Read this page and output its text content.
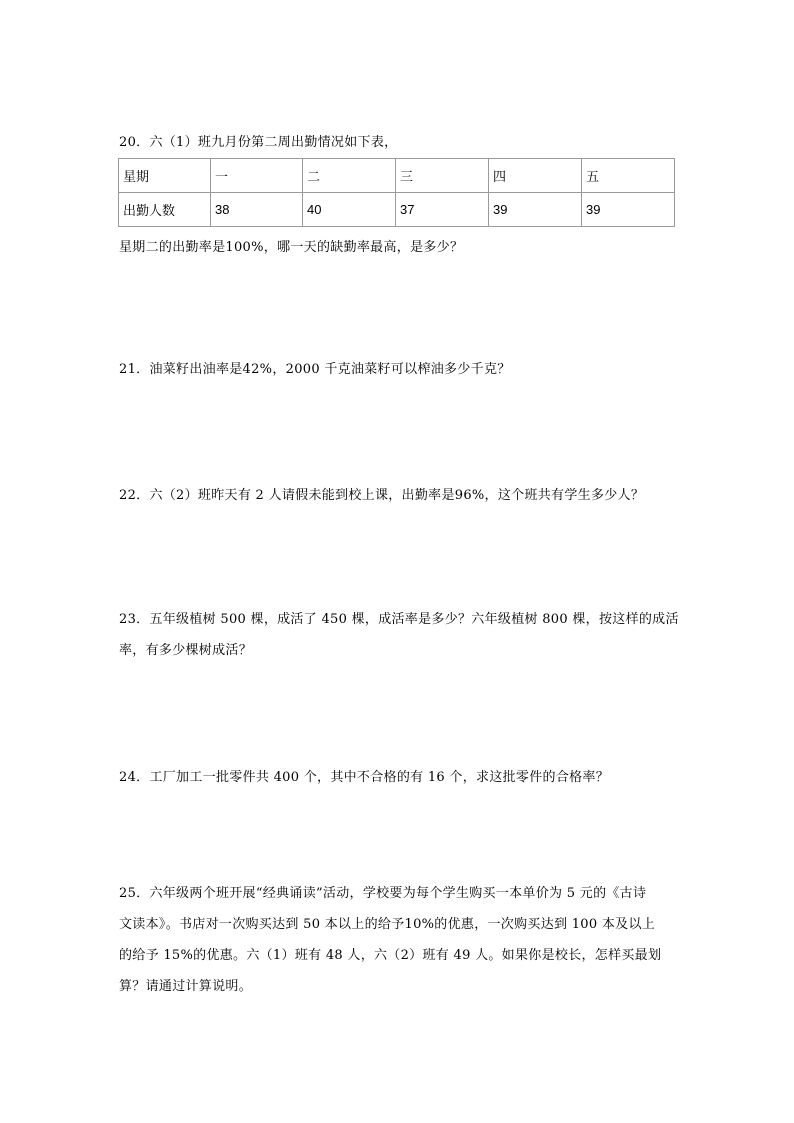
20．六（1）班九月份第二周出勤情况如下表，

星期	一	二	三	四	五
出勤人数	38	40	37	39	39

星期二的出勤率是100%，哪一天的缺勤率最高，是多少？

21．油菜籽出油率是42%，2000 千克油菜籽可以榨油多少千克？

22．六（2）班昨天有 2 人请假未能到校上课，出勤率是96%，这个班共有学生多少人？

23．五年级植树 500 棵，成活了 450 棵，成活率是多少？六年级植树 800 棵，按这样的成活

率，有多少棵树成活？

24．工厂加工一批零件共 400 个，其中不合格的有 16 个，求这批零件的合格率？

25．六年级两个班开展“经典诵读”活动，学校要为每个学生购买一本单价为 5 元的《古诗

文读本》。书店对一次购买达到 50 本以上的给予10%的优惠，一次购买达到 100 本及以上

的给予 15%的优惠。六（1）班有 48 人，六（2）班有 49 人。如果你是校长，怎样买最划

算？请通过计算说明。
